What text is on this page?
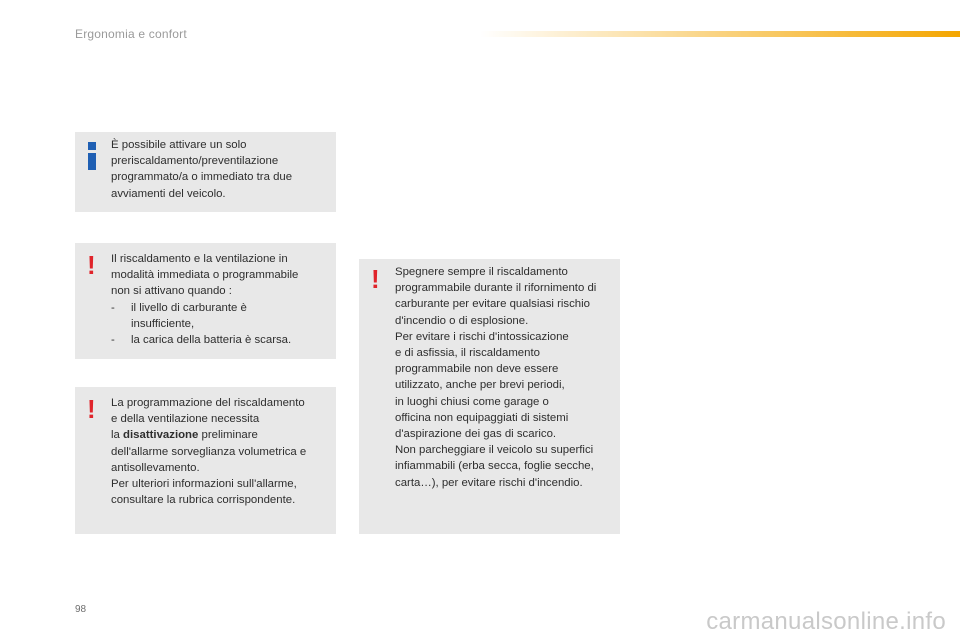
Ergonomia e confort

È possibile attivare un solo

preriscaldamento/preventilazione

programmato/a o immediato tra due

avviamenti del veicolo.

! Il riscaldamento e la ventilazione in

modalità immediata o programmabile

non si attivano quando :

-	il livello di carburante è

insufficiente,

-	la carica della batteria è scarsa.

! La programmazione del riscaldamento

e della ventilazione necessita

la disattivazione preliminare

dell'allarme sorveglianza volumetrica e

antisollevamento.

Per ulteriori informazioni sull'allarme,

consultare la rubrica corrispondente.

! Spegnere sempre il riscaldamento

programmabile durante il rifornimento di

carburante per evitare qualsiasi rischio

d'incendio o di esplosione.

Per evitare i rischi d'intossicazione

e di asfissia, il riscaldamento

programmabile non deve essere

utilizzato, anche per brevi periodi,

in luoghi chiusi come garage o

officina non equipaggiati di sistemi

d'aspirazione dei gas di scarico.

Non parcheggiare il veicolo su superfici

infiammabili (erba secca, foglie secche,

carta…), per evitare rischi d'incendio.

98	carmanualsonline.info
